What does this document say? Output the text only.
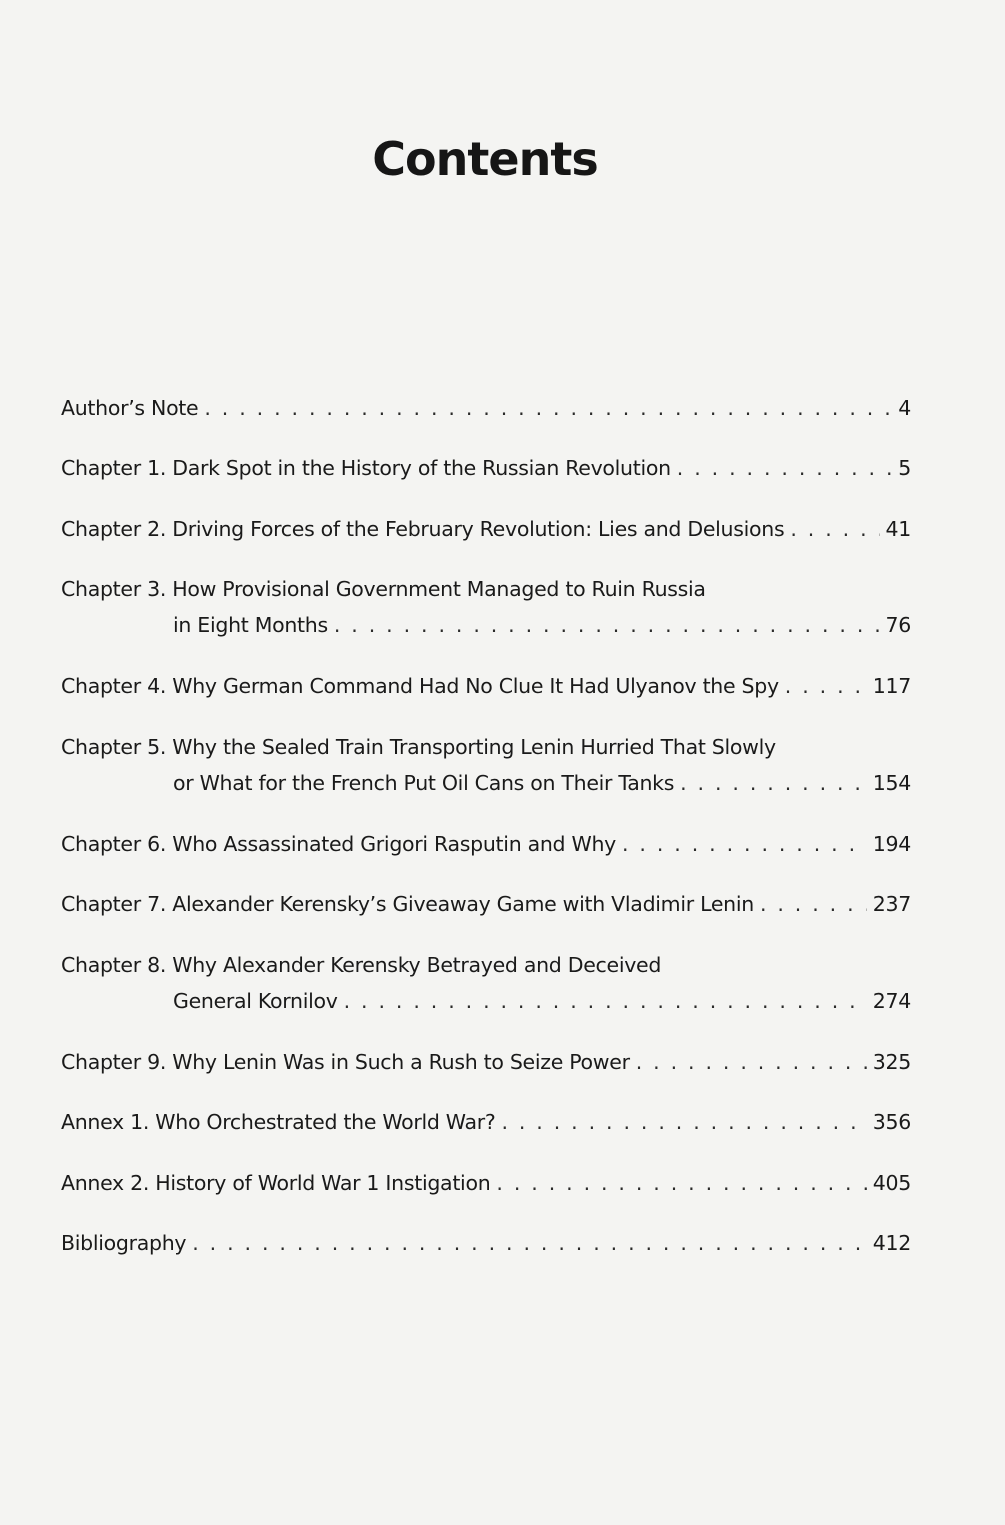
Contents
Author’s Note . . .	4
Chapter 1. Dark Spot in the History of the Russian Revolution . . .	5
Chapter 2. Driving Forces of the February Revolution: Lies and Delusions . . .	41
Chapter 3. How Provisional Government Managed to Ruin Russia
in Eight Months . . .	76
Chapter 4. Why German Command Had No Clue It Had Ulyanov the Spy . . .	117
Chapter 5. Why the Sealed Train Transporting Lenin Hurried That Slowly
or What for the French Put Oil Cans on Their Tanks . . .	154
Chapter 6. Who Assassinated Grigori Rasputin and Why . . .	194
Chapter 7. Alexander Kerensky’s Giveaway Game with Vladimir Lenin . . .	237
Chapter 8. Why Alexander Kerensky Betrayed and Deceived
General Kornilov . . .	274
Chapter 9. Why Lenin Was in Such a Rush to Seize Power . . .	325
Annex 1. Who Orchestrated the World War? . . .	356
Annex 2. History of World War 1 Instigation . . .	405
Bibliography . . .	412
